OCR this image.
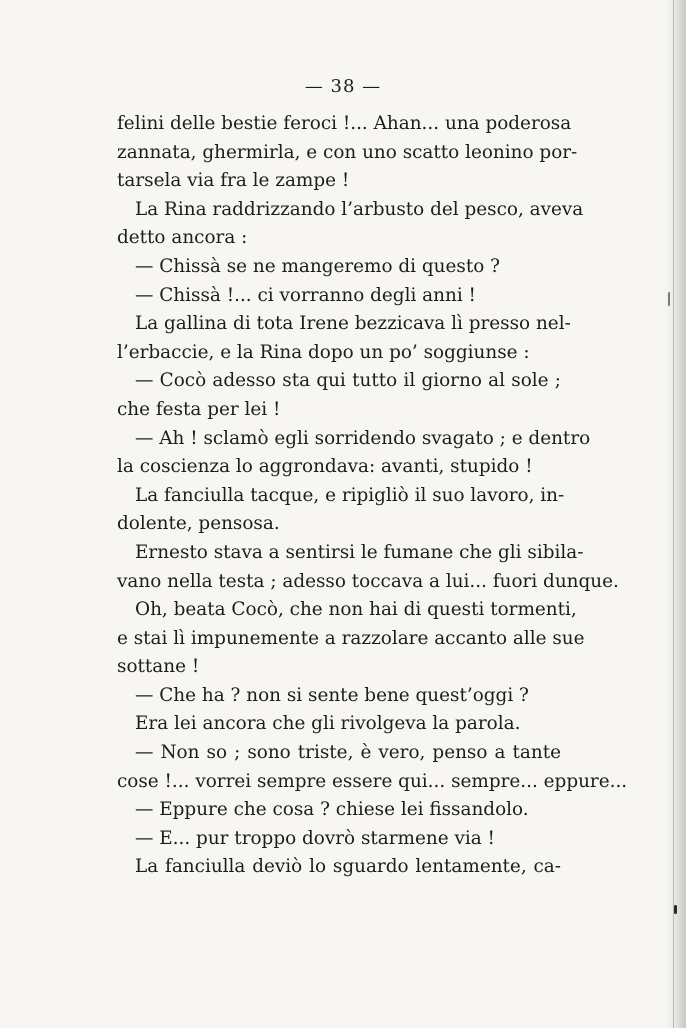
— 38 —
felini delle bestie feroci !... Ahan... una poderosa
zannata, ghermirla, e con uno scatto leonino por-
tarsela via fra le zampe !
La Rina raddrizzando l’arbusto del pesco, aveva
detto ancora :
— Chissà se ne mangeremo di questo ?
— Chissà !... ci vorranno degli anni !
La gallina di tota Irene bezzicava lì presso nel-
l’erbaccie, e la Rina dopo un po’ soggiunse :
— Cocò adesso sta qui tutto il giorno al sole ;
che festa per lei !
— Ah ! sclamò egli sorridendo svagato ; e dentro
la coscienza lo aggrondava: avanti, stupido !
La fanciulla tacque, e ripigliò il suo lavoro, in-
dolente, pensosa.
Ernesto stava a sentirsi le fumane che gli sibila-
vano nella testa ; adesso toccava a lui... fuori dunque.
Oh, beata Cocò, che non hai di questi tormenti,
e stai lì impunemente a razzolare accanto alle sue
sottane !
— Che ha ? non si sente bene quest’oggi ?
Era lei ancora che gli rivolgeva la parola.
— Non so ; sono triste, è vero, penso a tante
cose !... vorrei sempre essere qui... sempre... eppure...
— Eppure che cosa ? chiese lei fissandolo.
— E... pur troppo dovrò starmene via !
La fanciulla deviò lo sguardo lentamente, ca-
